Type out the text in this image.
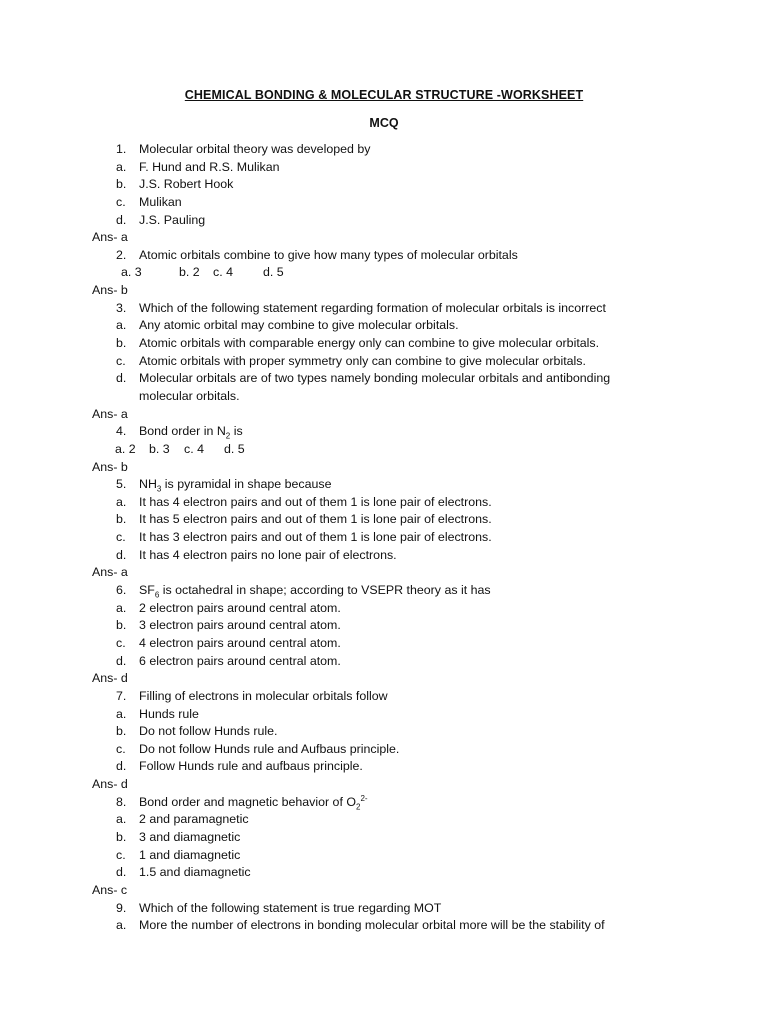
CHEMICAL BONDING & MOLECULAR STRUCTURE -WORKSHEET
MCQ
1.	Molecular orbital theory was developed by
a.	F. Hund and R.S. Mulikan
b.	J.S. Robert Hook
c.	Mulikan
d.	J.S. Pauling
Ans- a
2.	Atomic orbitals combine to give how many types of molecular orbitals
a. 3	b. 2 c. 4 d. 5
Ans- b
3.	Which of the following statement regarding formation of molecular orbitals is incorrect
a.	Any atomic orbital may combine to give molecular orbitals.
b.	Atomic orbitals with comparable energy only can combine to give molecular orbitals.
c.	Atomic orbitals with proper symmetry only can combine to give molecular orbitals.
d.	Molecular orbitals are of two types namely bonding molecular orbitals and antibonding molecular orbitals.
Ans- a
4.	Bond order in $N_2$ is
a. 2 b. 3 c. 4 d. 5
Ans- b
5.	$NH_3$ is pyramidal in shape because
a.	It has 4 electron pairs and out of them 1 is lone pair of electrons.
b.	It has 5 electron pairs and out of them 1 is lone pair of electrons.
c.	It has 3 electron pairs and out of them 1 is lone pair of electrons.
d.	It has 4 electron pairs no lone pair of electrons.
Ans- a
6.	$SF_6$ is octahedral in shape; according to VSEPR theory as it has
a.	2 electron pairs around central atom.
b.	3 electron pairs around central atom.
c.	4 electron pairs around central atom.
d.	6 electron pairs around central atom.
Ans- d
7.	Filling of electrons in molecular orbitals follow
a.	Hunds rule
b.	Do not follow Hunds rule.
c.	Do not follow Hunds rule and Aufbaus principle.
d.	Follow Hunds rule and aufbaus principle.
Ans- d
8.	Bond order and magnetic behavior of $O_2^{2-}$
a.	2 and paramagnetic
b.	3 and diamagnetic
c.	1 and diamagnetic
d.	1.5 and diamagnetic
Ans- c
9.	Which of the following statement is true regarding MOT
a.	More the number of electrons in bonding molecular orbital more will be the stability of
